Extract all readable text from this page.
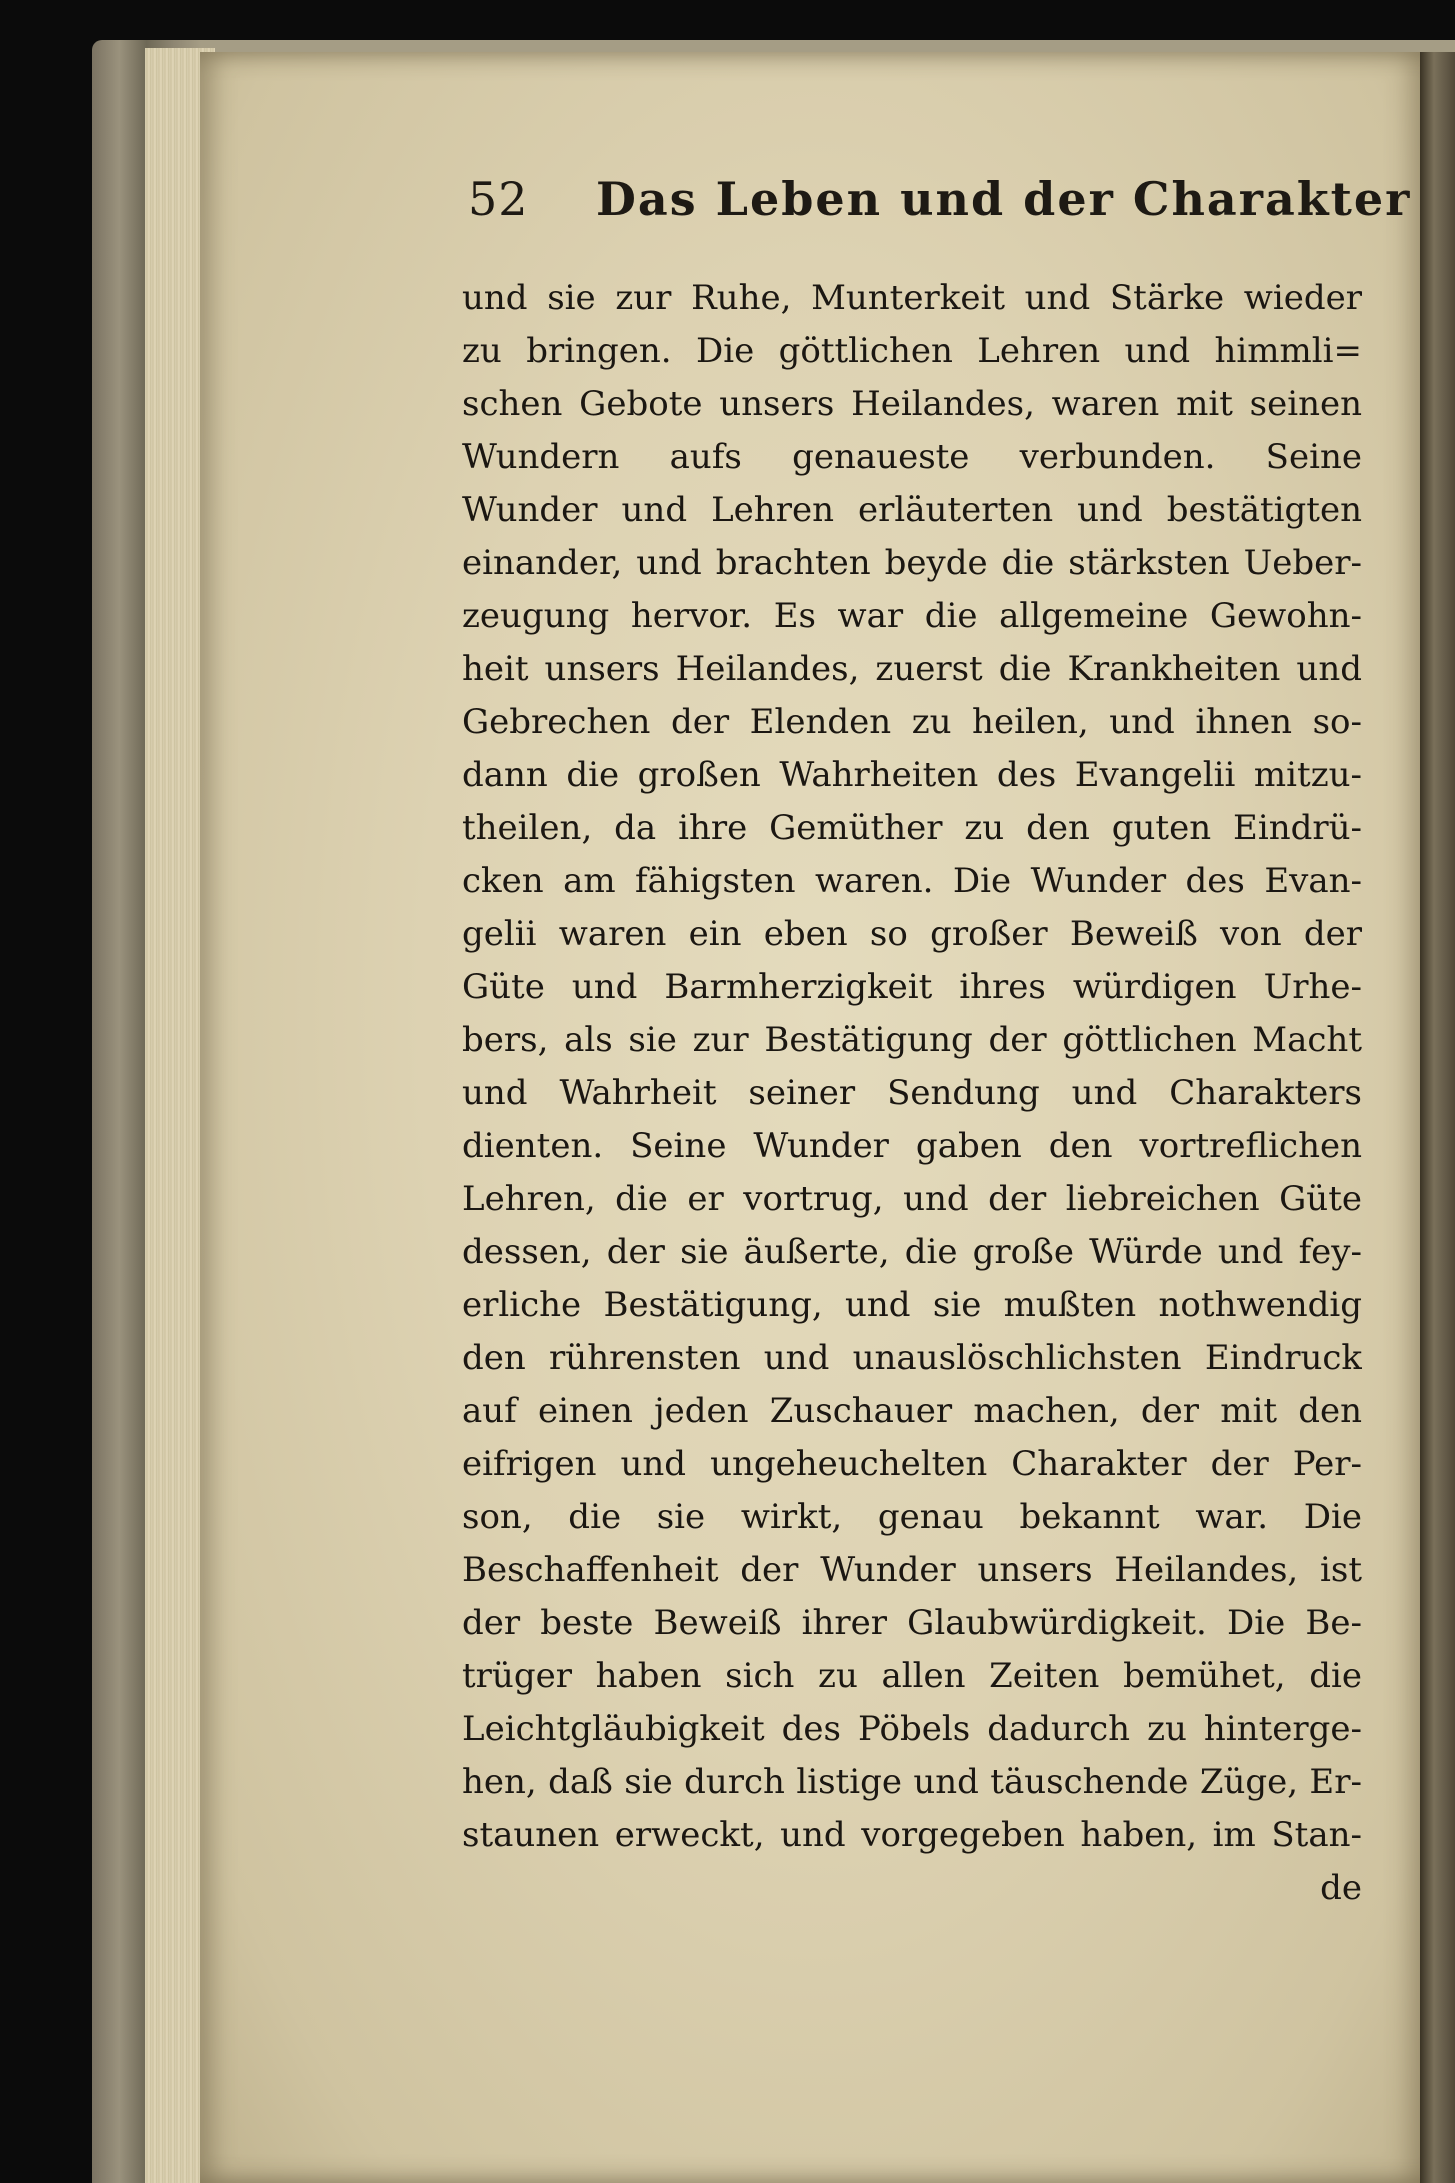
52 Das Leben und der Charakter
und sie zur Ruhe, Munterkeit und Stärke wieder
zu bringen. Die göttlichen Lehren und himmli=
schen Gebote unsers Heilandes, waren mit seinen
Wundern aufs genaueste verbunden. Seine
Wunder und Lehren erläuterten und bestätigten
einander, und brachten beyde die stärksten Ueber-
zeugung hervor. Es war die allgemeine Gewohn-
heit unsers Heilandes, zuerst die Krankheiten und
Gebrechen der Elenden zu heilen, und ihnen so-
dann die großen Wahrheiten des Evangelii mitzu-
theilen, da ihre Gemüther zu den guten Eindrü-
cken am fähigsten waren. Die Wunder des Evan-
gelii waren ein eben so großer Beweiß von der
Güte und Barmherzigkeit ihres würdigen Urhe-
bers, als sie zur Bestätigung der göttlichen Macht
und Wahrheit seiner Sendung und Charakters
dienten. Seine Wunder gaben den vortreflichen
Lehren, die er vortrug, und der liebreichen Güte
dessen, der sie äußerte, die große Würde und fey-
erliche Bestätigung, und sie mußten nothwendig
den rührensten und unauslöschlichsten Eindruck
auf einen jeden Zuschauer machen, der mit den
eifrigen und ungeheuchelten Charakter der Per-
son, die sie wirkt, genau bekannt war. Die
Beschaffenheit der Wunder unsers Heilandes, ist
der beste Beweiß ihrer Glaubwürdigkeit. Die Be-
trüger haben sich zu allen Zeiten bemühet, die
Leichtgläubigkeit des Pöbels dadurch zu hinterge-
hen, daß sie durch listige und täuschende Züge, Er-
staunen erweckt, und vorgegeben haben, im Stan-
de
